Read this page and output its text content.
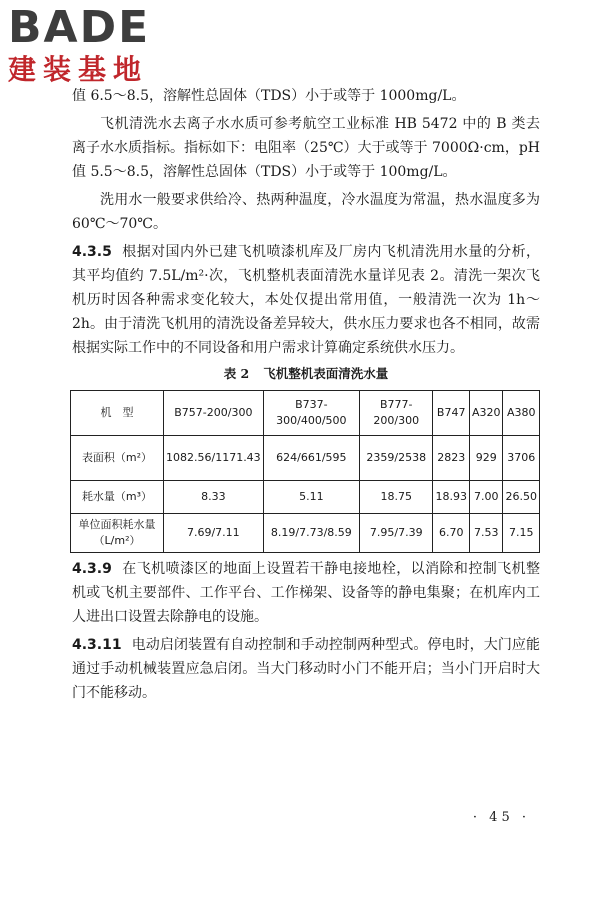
BADE
建装基地

值 6.5～8.5，溶解性总固体（TDS）小于或等于 1000mg/L。

飞机清洗水去离子水水质可参考航空工业标准 HB 5472 中的 B 类去离子水水质指标。指标如下：电阻率（25℃）大于或等于 7000Ω·cm，pH 值 5.5～8.5，溶解性总固体（TDS）小于或等于 100mg/L。

洗用水一般要求供给冷、热两种温度，冷水温度为常温，热水温度多为 60℃～70℃。

4.3.5 根据对国内外已建飞机喷漆机库及厂房内飞机清洗用水量的分析，其平均值约 7.5L/m²·次，飞机整机表面清洗水量详见表 2。清洗一架次飞机历时因各种需求变化较大，本处仅提出常用值，一般清洗一次为 1h～2h。由于清洗飞机用的清洗设备差异较大，供水压力要求也各不相同，故需根据实际工作中的不同设备和用户需求计算确定系统供水压力。

表 2 飞机整机表面清洗水量
机　型	B757-200/300	B737-300/400/500	B777-200/300	B747	A320	A380
表面积（m²）	1082.56/1171.43	624/661/595	2359/2538	2823	929	3706
耗水量（m³）	8.33	5.11	18.75	18.93	7.00	26.50
单位面积耗水量（L/m²）	7.69/7.11	8.19/7.73/8.59	7.95/7.39	6.70	7.53	7.15

4.3.9 在飞机喷漆区的地面上设置若干静电接地栓，以消除和控制飞机整机或飞机主要部件、工作平台、工作梯架、设备等的静电集聚；在机库内工人进出口设置去除静电的设施。

4.3.11 电动启闭装置有自动控制和手动控制两种型式。停电时，大门应能通过手动机械装置应急启闭。当大门移动时小门不能开启；当小门开启时大门不能移动。

· 45 ·
